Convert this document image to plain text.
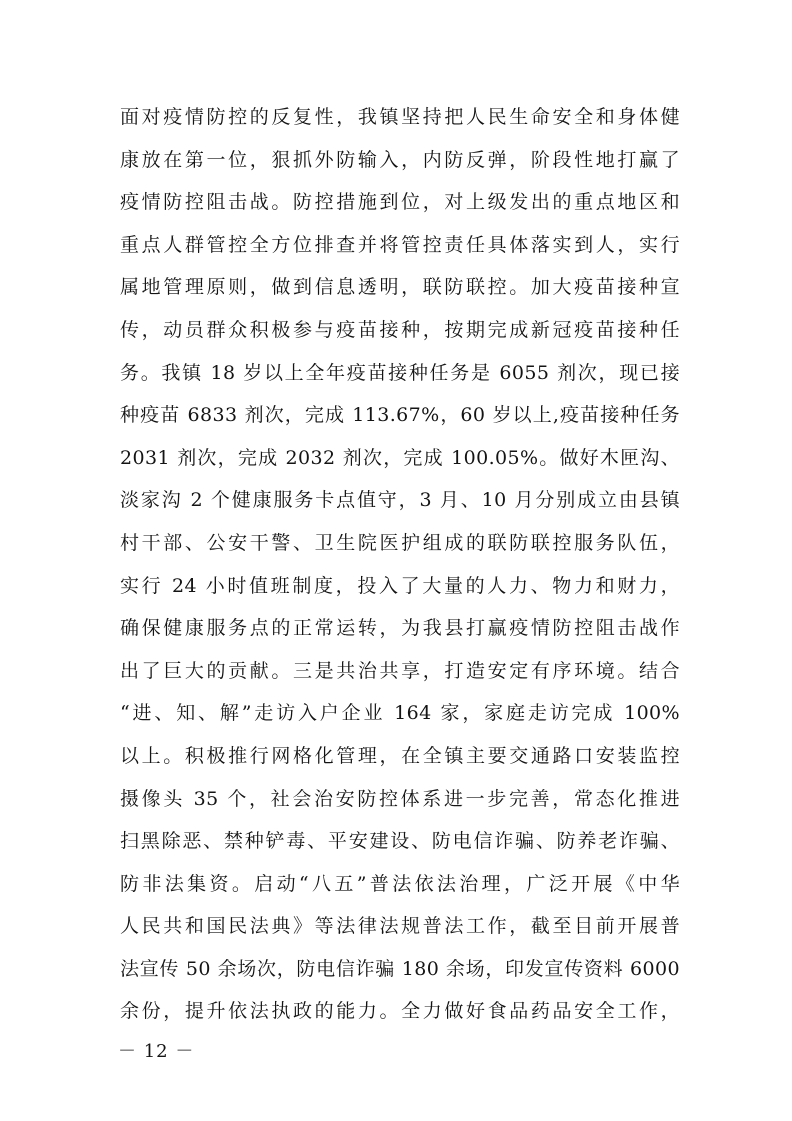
面对疫情防控的反复性，我镇坚持把人民生命安全和身体健
康放在第一位，狠抓外防输入，内防反弹，阶段性地打赢了
疫情防控阻击战。防控措施到位，对上级发出的重点地区和
重点人群管控全方位排查并将管控责任具体落实到人，实行
属地管理原则，做到信息透明，联防联控。加大疫苗接种宣
传，动员群众积极参与疫苗接种，按期完成新冠疫苗接种任
务。我镇 18 岁以上全年疫苗接种任务是 6055 剂次，现已接
种疫苗 6833 剂次，完成 113.67%，60 岁以上,疫苗接种任务
2031 剂次，完成 2032 剂次，完成 100.05%。做好木匣沟、
淡家沟 2 个健康服务卡点值守，3 月、10 月分别成立由县镇
村干部、公安干警、卫生院医护组成的联防联控服务队伍，
实行 24 小时值班制度，投入了大量的人力、物力和财力，
确保健康服务点的正常运转，为我县打赢疫情防控阻击战作
出了巨大的贡献。三是共治共享，打造安定有序环境。结合
“进、知、解”走访入户企业 164 家，家庭走访完成 100%
以上。积极推行网格化管理，在全镇主要交通路口安装监控
摄像头 35 个，社会治安防控体系进一步完善，常态化推进
扫黑除恶、禁种铲毒、平安建设、防电信诈骗、防养老诈骗、
防非法集资。启动“八五”普法依法治理，广泛开展《中华
人民共和国民法典》等法律法规普法工作，截至目前开展普
法宣传 50 余场次，防电信诈骗 180 余场，印发宣传资料 6000
余份，提升依法执政的能力。全力做好食品药品安全工作，
－ 12 －
